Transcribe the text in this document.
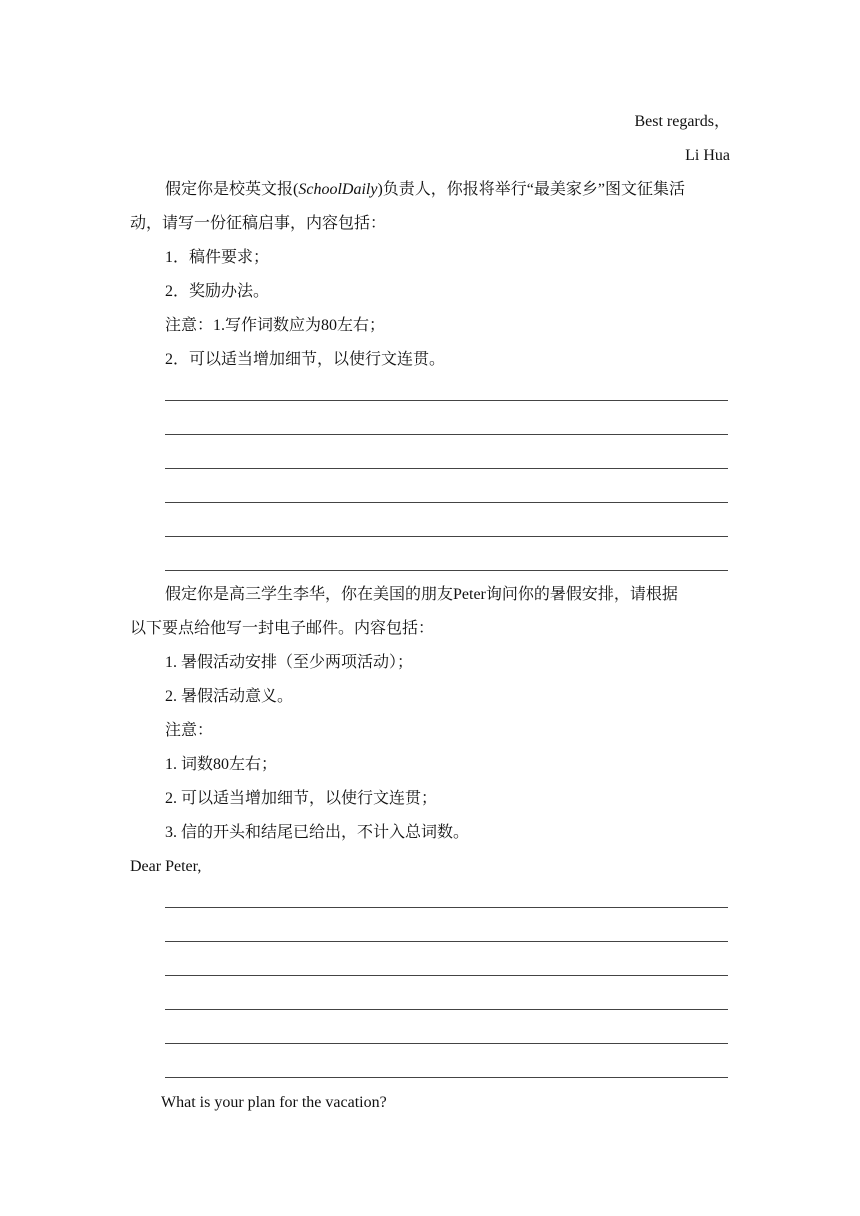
Best regards，
Li Hua
假定你是校英文报(SchoolDaily)负责人，你报将举行“最美家乡”图文征集活
动，请写一份征稿启事，内容包括：
1．稿件要求；
2．奖励办法。
注意：1.写作词数应为80左右；
2．可以适当增加细节，以使行文连贯。
假定你是高三学生李华，你在美国的朋友Peter询问你的暑假安排，请根据
以下要点给他写一封电子邮件。内容包括：
1. 暑假活动安排（至少两项活动）；
2. 暑假活动意义。
注意：
1. 词数80左右；
2. 可以适当增加细节，以使行文连贯；
3. 信的开头和结尾已给出，不计入总词数。
Dear Peter,
What is your plan for the vacation?
